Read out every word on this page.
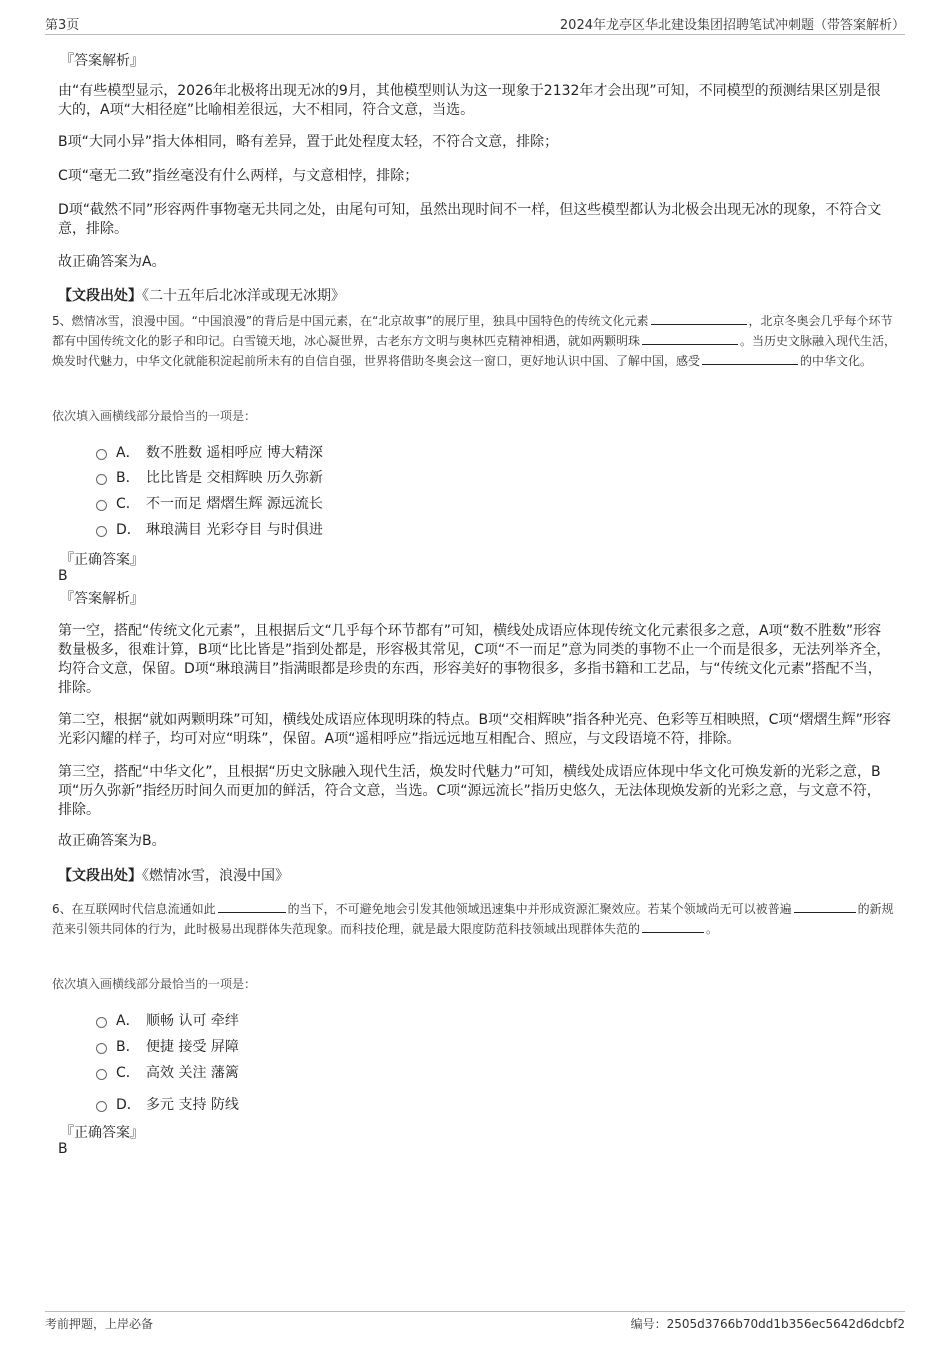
第3页	2024年龙亭区华北建设集团招聘笔试冲刺题（带答案解析）
『答案解析』

由“有些模型显示，2026年北极将出现无冰的9月，其他模型则认为这一现象于2132年才会出现”可知，不同模型的预测结果区别是很大的，A项“大相径庭”比喻相差很远，大不相同，符合文意，当选。

B项“大同小异”指大体相同，略有差异，置于此处程度太轻，不符合文意，排除；

C项“毫无二致”指丝毫没有什么两样，与文意相悖，排除；

D项“截然不同”形容两件事物毫无共同之处，由尾句可知，虽然出现时间不一样，但这些模型都认为北极会出现无冰的现象，不符合文意，排除。

故正确答案为A。

【文段出处】《二十五年后北冰洋或现无冰期》

5、燃情冰雪，浪漫中国。“中国浪漫”的背后是中国元素，在“北京故事”的展厅里，独具中国特色的传统文化元素	，北京冬奥会几乎每个环节都有中国传统文化的影子和印记。白雪镜天地，冰心凝世界，古老东方文明与奥林匹克精神相遇，就如两颗明珠	。当历史文脉融入现代生活，焕发时代魅力，中华文化就能积淀起前所未有的自信自强，世界将借助冬奥会这一窗口，更好地认识中国、了解中国，感受	的中华文化。

依次填入画横线部分最恰当的一项是：
A． 数不胜数 遥相呼应 博大精深
B． 比比皆是 交相辉映 历久弥新
C． 不一而足 熠熠生辉 源远流长
D． 琳琅满目 光彩夺目 与时俱进
『正确答案』
B
『答案解析』

第一空，搭配“传统文化元素”，且根据后文“几乎每个环节都有”可知，横线处成语应体现传统文化元素很多之意，A项“数不胜数”形容数量极多，很难计算，B项“比比皆是”指到处都是，形容极其常见，C项“不一而足”意为同类的事物不止一个而是很多，无法列举齐全，均符合文意，保留。D项“琳琅满目”指满眼都是珍贵的东西，形容美好的事物很多，多指书籍和工艺品，与“传统文化元素”搭配不当，排除。

第二空，根据“就如两颗明珠”可知，横线处成语应体现明珠的特点。B项“交相辉映”指各种光亮、色彩等互相映照，C项“熠熠生辉”形容光彩闪耀的样子，均可对应“明珠”，保留。A项“遥相呼应”指远远地互相配合、照应，与文段语境不符，排除。

第三空，搭配“中华文化”，且根据“历史文脉融入现代生活，焕发时代魅力”可知，横线处成语应体现中华文化可焕发新的光彩之意，B项“历久弥新”指经历时间久而更加的鲜活，符合文意，当选。C项“源远流长”指历史悠久，无法体现焕发新的光彩之意，与文意不符，排除。

故正确答案为B。

【文段出处】《燃情冰雪，浪漫中国》

6、在互联网时代信息流通如此	的当下，不可避免地会引发其他领域迅速集中并形成资源汇聚效应。若某个领域尚无可以被普遍	的新规范来引领共同体的行为，此时极易出现群体失范现象。而科技伦理，就是最大限度防范科技领域出现群体失范的	。

依次填入画横线部分最恰当的一项是：
A． 顺畅 认可 牵绊
B． 便捷 接受 屏障
C． 高效 关注 藩篱
D． 多元 支持 防线
『正确答案』
B
考前押题，上岸必备	编号：2505d3766b70dd1b356ec5642d6dcbf2
